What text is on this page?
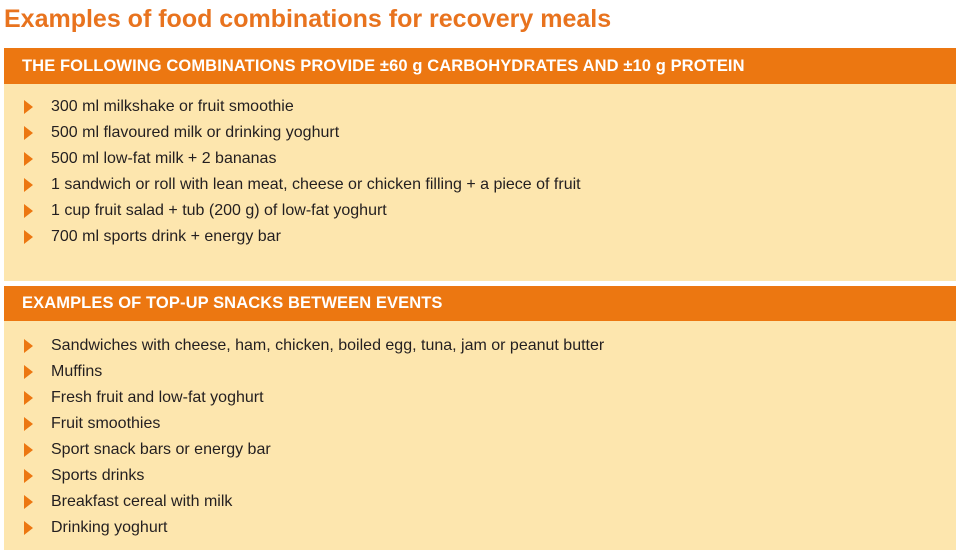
Examples of food combinations for recovery meals
THE FOLLOWING COMBINATIONS PROVIDE ±60 g CARBOHYDRATES AND ±10 g PROTEIN
300 ml milkshake or fruit smoothie
500 ml flavoured milk or drinking yoghurt
500 ml low-fat milk + 2 bananas
1 sandwich or roll with lean meat, cheese or chicken filling + a piece of fruit
1 cup fruit salad + tub (200 g) of low-fat yoghurt
700 ml sports drink + energy bar
EXAMPLES OF TOP-UP SNACKS BETWEEN EVENTS
Sandwiches with cheese, ham, chicken, boiled egg, tuna, jam or peanut butter
Muffins
Fresh fruit and low-fat yoghurt
Fruit smoothies
Sport snack bars or energy bar
Sports drinks
Breakfast cereal with milk
Drinking yoghurt
